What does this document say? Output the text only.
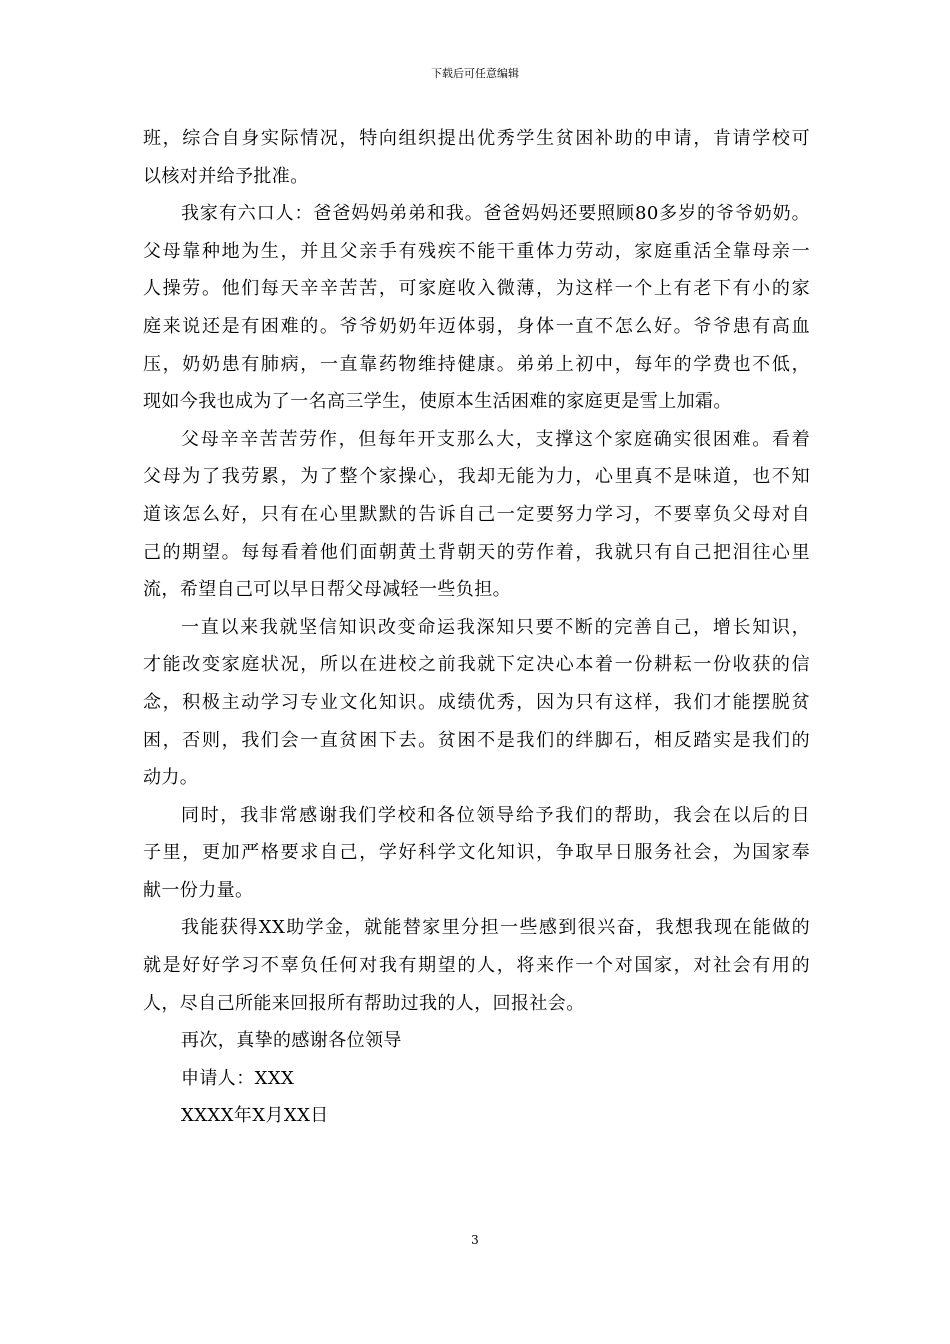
下载后可任意编辑
班，综合自身实际情况，特向组织提出优秀学生贫困补助的申请，肯请学校可
以核对并给予批准。
我家有六口人：爸爸妈妈弟弟和我。爸爸妈妈还要照顾80多岁的爷爷奶奶。
父母靠种地为生，并且父亲手有残疾不能干重体力劳动，家庭重活全靠母亲一
人操劳。他们每天辛辛苦苦，可家庭收入微薄，为这样一个上有老下有小的家
庭来说还是有困难的。爷爷奶奶年迈体弱，身体一直不怎么好。爷爷患有高血
压，奶奶患有肺病，一直靠药物维持健康。弟弟上初中，每年的学费也不低，
现如今我也成为了一名高三学生，使原本生活困难的家庭更是雪上加霜。
父母辛辛苦苦劳作，但每年开支那么大，支撑这个家庭确实很困难。看着
父母为了我劳累，为了整个家操心，我却无能为力，心里真不是味道，也不知
道该怎么好，只有在心里默默的告诉自己一定要努力学习，不要辜负父母对自
己的期望。每每看着他们面朝黄土背朝天的劳作着，我就只有自己把泪往心里
流，希望自己可以早日帮父母减轻一些负担。
一直以来我就坚信知识改变命运我深知只要不断的完善自己，增长知识，
才能改变家庭状况，所以在进校之前我就下定决心本着一份耕耘一份收获的信
念，积极主动学习专业文化知识。成绩优秀，因为只有这样，我们才能摆脱贫
困，否则，我们会一直贫困下去。贫困不是我们的绊脚石，相反踏实是我们的
动力。
同时，我非常感谢我们学校和各位领导给予我们的帮助，我会在以后的日
子里，更加严格要求自己，学好科学文化知识，争取早日服务社会，为国家奉
献一份力量。
我能获得XX助学金，就能替家里分担一些感到很兴奋，我想我现在能做的
就是好好学习不辜负任何对我有期望的人，将来作一个对国家，对社会有用的
人，尽自己所能来回报所有帮助过我的人，回报社会。
再次，真挚的感谢各位领导
申请人：XXX
XXXX年X月XX日
3
